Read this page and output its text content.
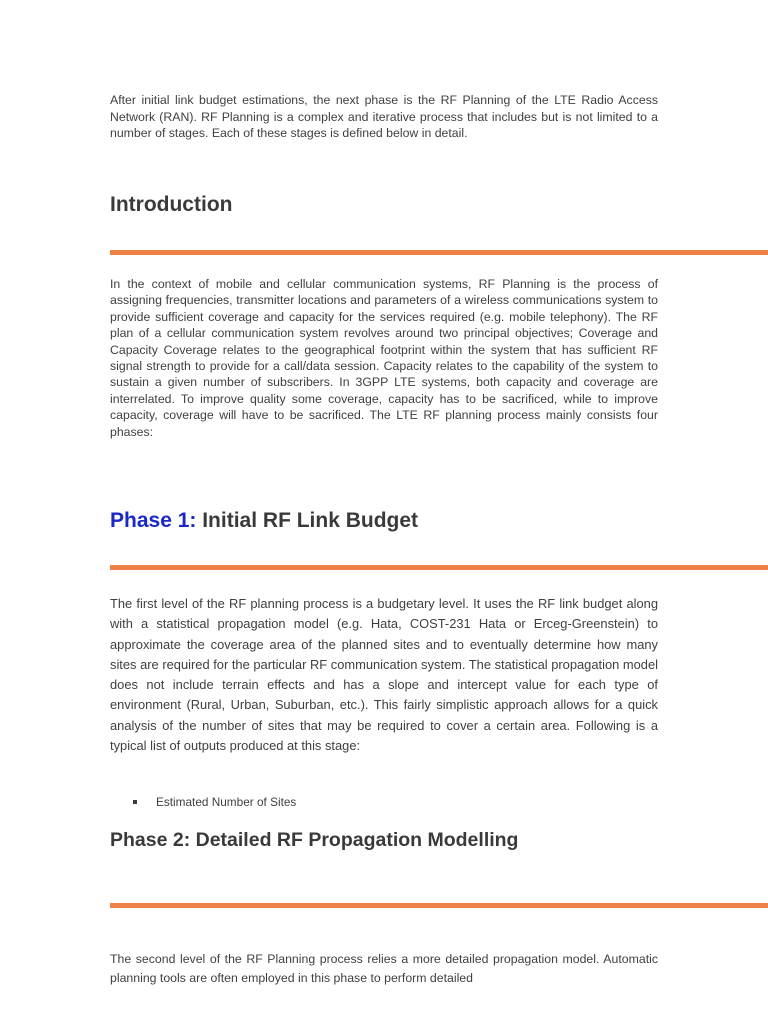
After initial link budget estimations, the next phase is the RF Planning of the LTE Radio Access Network (RAN). RF Planning is a complex and iterative process that includes but is not limited to a number of stages. Each of these stages is defined below in detail.

Introduction

In the context of mobile and cellular communication systems, RF Planning is the process of assigning frequencies, transmitter locations and parameters of a wireless communications system to provide sufficient coverage and capacity for the services required (e.g. mobile telephony). The RF plan of a cellular communication system revolves around two principal objectives; Coverage and Capacity Coverage relates to the geographical footprint within the system that has sufficient RF signal strength to provide for a call/data session. Capacity relates to the capability of the system to sustain a given number of subscribers. In 3GPP LTE systems, both capacity and coverage are interrelated. To improve quality some coverage, capacity has to be sacrificed, while to improve capacity, coverage will have to be sacrificed. The LTE RF planning process mainly consists four phases:

Phase 1: Initial RF Link Budget

The first level of the RF planning process is a budgetary level. It uses the RF link budget along with a statistical propagation model (e.g. Hata, COST-231 Hata or Erceg-Greenstein) to approximate the coverage area of the planned sites and to eventually determine how many sites are required for the particular RF communication system. The statistical propagation model does not include terrain effects and has a slope and intercept value for each type of environment (Rural, Urban, Suburban, etc.). This fairly simplistic approach allows for a quick analysis of the number of sites that may be required to cover a certain area. Following is a typical list of outputs produced at this stage:

Estimated Number of Sites
Phase 2: Detailed RF Propagation Modelling

The second level of the RF Planning process relies a more detailed propagation model. Automatic planning tools are often employed in this phase to perform detailed
